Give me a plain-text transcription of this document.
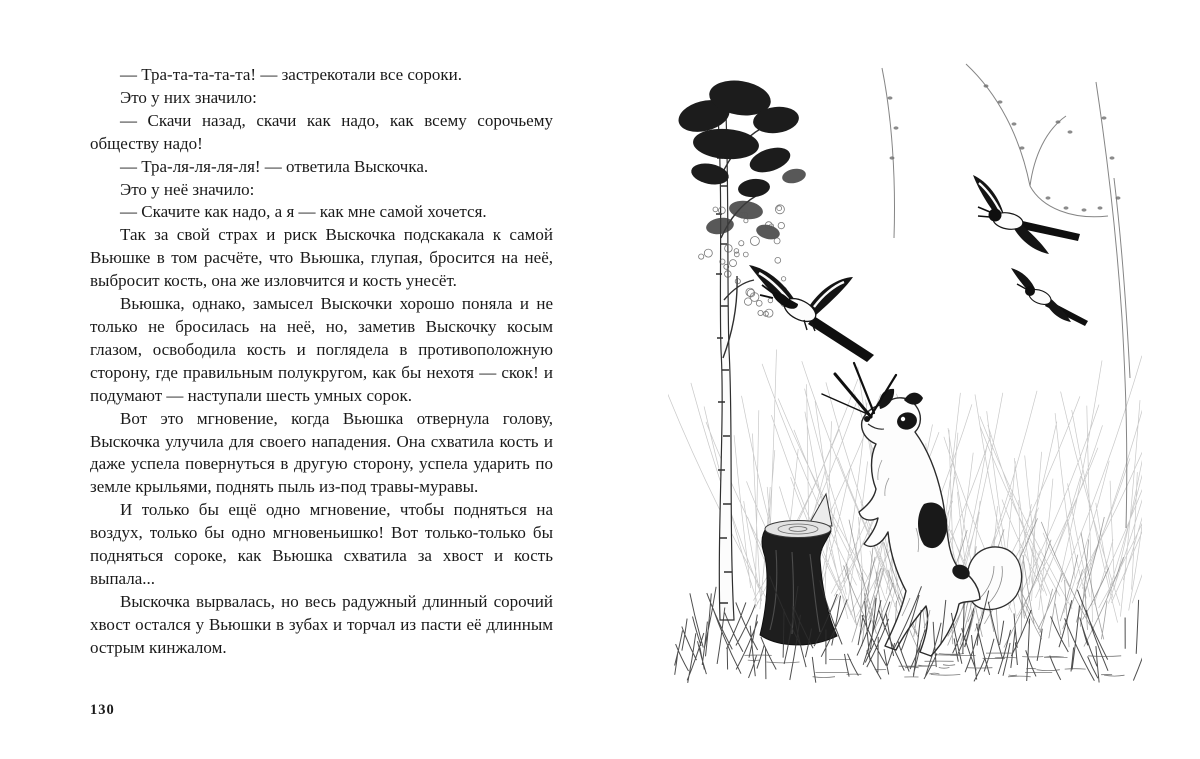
— Тра-та-та-та-та! — застрекотали все сороки.

Это у них значило:

— Скачи назад, скачи как надо, как всему сорочьему обществу надо!

— Тра-ля-ля-ля-ля! — ответила Выскочка.

Это у неё значило:

— Скачите как надо, а я — как мне самой хочется.

Так за свой страх и риск Выскочка подскакала к самой Вьюшке в том расчёте, что Вьюшка, глупая, бросится на неё, выбросит кость, она же изловчится и кость унесёт.

Вьюшка, однако, замысел Выскочки хорошо поняла и не только не бросилась на неё, но, заметив Выскочку косым глазом, освободила кость и поглядела в противоположную сторону, где правильным полукругом, как бы нехотя — скок! и подумают — наступали шесть умных сорок.

Вот это мгновение, когда Вьюшка отвернула голову, Выскочка улучила для своего нападения. Она схватила кость и даже успела повернуться в другую сторону, успела ударить по земле крыльями, поднять пыль из-под травы-муравы.

И только бы ещё одно мгновение, чтобы подняться на воздух, только бы одно мгновеньишко! Вот только-только бы подняться сороке, как Вьюшка схватила за хвост и кость выпала...

Выскочка вырвалась, но весь радужный длинный сорочий хвост остался у Вьюшки в зубах и торчал из пасти её длинным острым кинжалом.

130
